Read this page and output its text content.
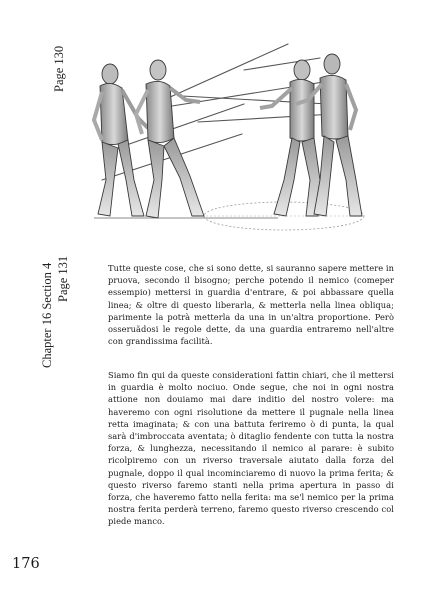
Page 130
Chapter 16 Section 4 Page 131	Tutte queste cose, che si sono dette, si sauranno sapere mettere in pruova, secondo il bisogno; perche potendo il nemico (comeper essempio) mettersi in guardia d'entrare, & poi abbassare quella linea; & oltre di questo liberarla, & metterla nella linea obliqua; parimente la potrà metterla da una in un'altra proportione. Però osseruãdosi le regole dette, da una guardia entraremo nell'altre con grandissima facilità.
Siamo fin qui da queste considerationi fattin chiari, che il mettersi in guardia è molto nociuo. Onde segue, che noi in ogni nostra attione non douiamo mai dare inditio del nostro volere: ma haveremo con ogni risolutione da mettere il pugnale nella linea retta imaginata; & con una battuta feriremo ò di punta, la qual sarà d'imbroccata aventata; ò ditaglio fendente con tutta la nostra forza, & lunghezza, necessitando il nemico al parare: è subito ricolpiremo con un riverso traversale aiutato dalla forza del pugnale, doppo il qual incominciaremo di nuovo la prima ferita; & questo riverso faremo stanti nella prima apertura in passo di forza, che haveremo fatto nella ferita: ma se'l nemico per la prima nostra ferita perderà terreno, faremo questo riverso crescendo col piede manco.
176
